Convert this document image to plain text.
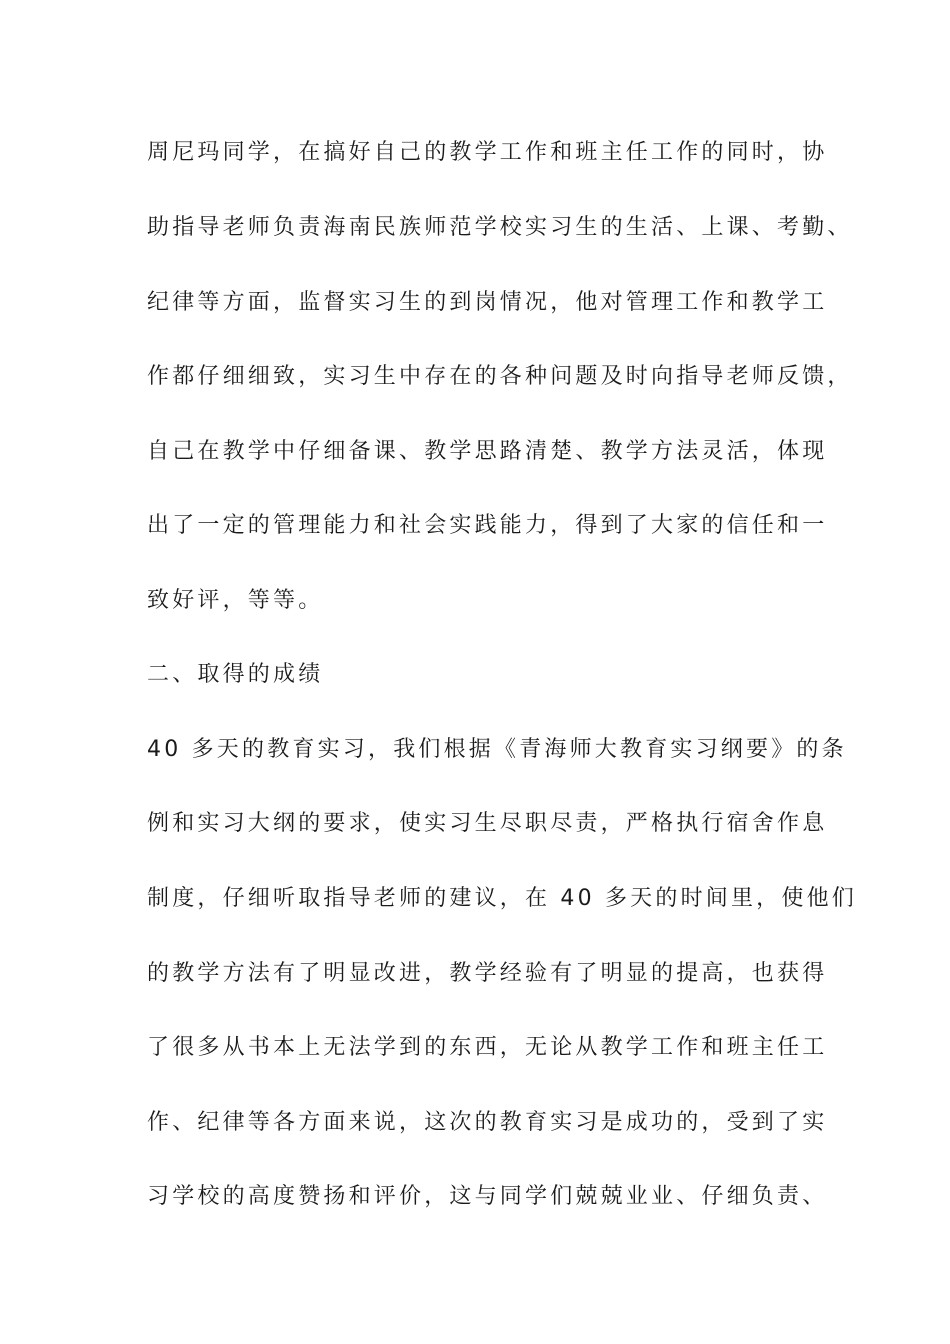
周尼玛同学，在搞好自己的教学工作和班主任工作的同时，协

助指导老师负责海南民族师范学校实习生的生活、上课、考勤、

纪律等方面，监督实习生的到岗情况，他对管理工作和教学工

作都仔细细致，实习生中存在的各种问题及时向指导老师反馈，

自己在教学中仔细备课、教学思路清楚、教学方法灵活，体现

出了一定的管理能力和社会实践能力，得到了大家的信任和一

致好评，等等。

二、取得的成绩

40 多天的教育实习，我们根据《青海师大教育实习纲要》的条

例和实习大纲的要求，使实习生尽职尽责，严格执行宿舍作息

制度，仔细听取指导老师的建议，在 40 多天的时间里，使他们

的教学方法有了明显改进，教学经验有了明显的提高，也获得

了很多从书本上无法学到的东西，无论从教学工作和班主任工

作、纪律等各方面来说，这次的教育实习是成功的，受到了实

习学校的高度赞扬和评价，这与同学们兢兢业业、仔细负责、
